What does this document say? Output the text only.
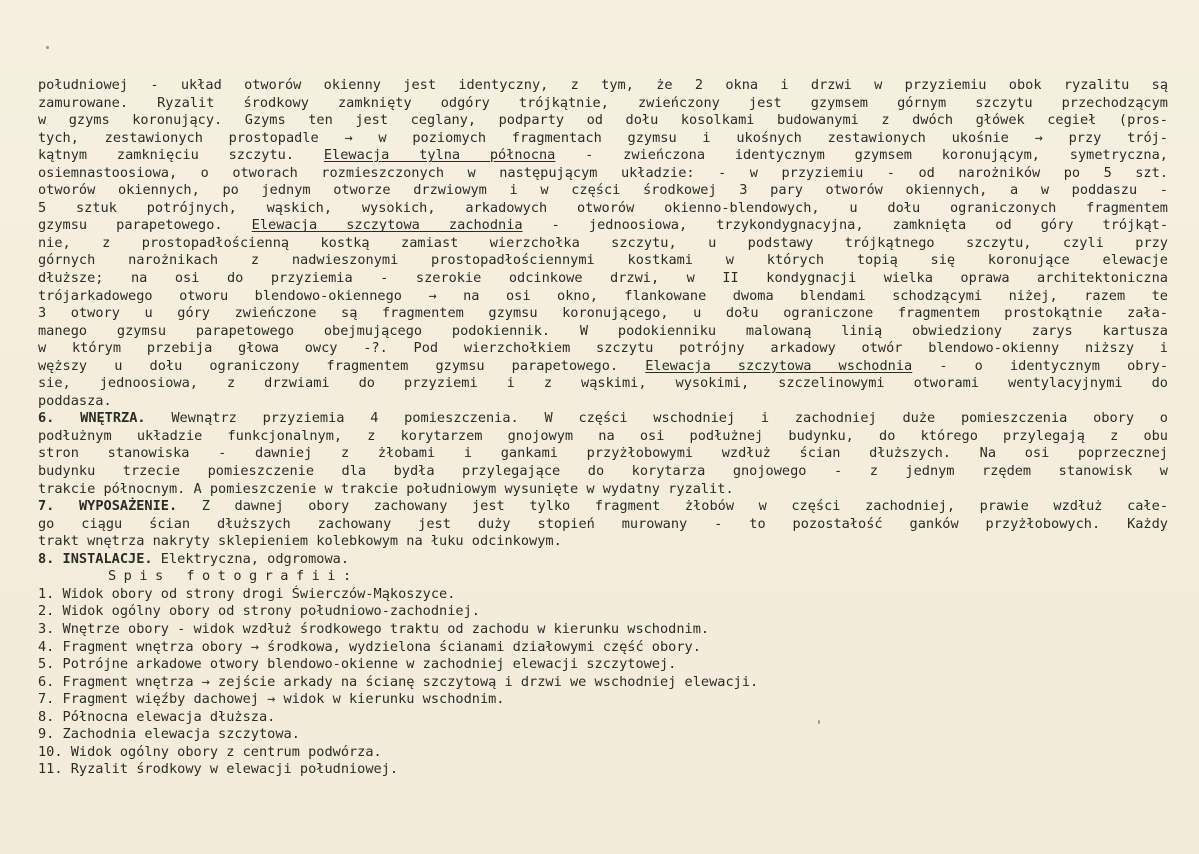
południowej - układ otworów okienny jest identyczny, z tym, że 2 okna i drzwi w przyziemiu obok ryzalitu są
zamurowane. Ryzalit środkowy zamknięty odgóry trójkątnie, zwieńczony jest gzymsem górnym szczytu przechodzącym
w gzyms koronujący. Gzyms ten jest ceglany, podparty od dołu kosolkami budowanymi z dwóch główek cegieł (pros-
tych, zestawionych prostopadle → w poziomych fragmentach gzymsu i ukośnych zestawionych ukośnie → przy trój-
kątnym zamknięciu szczytu. Elewacja tylna północna - zwieńczona identycznym gzymsem koronującym, symetryczna,
osiemnastoosiowa, o otworach rozmieszczonych w następującym układzie: - w przyziemiu - od narożników po 5 szt.
otworów okiennych, po jednym otworze drzwiowym i w części środkowej 3 pary otworów okiennych, a w poddaszu -
5 sztuk potrójnych, wąskich, wysokich, arkadowych otworów okienno-blendowych, u dołu ograniczonych fragmentem
gzymsu parapetowego. Elewacja szczytowa zachodnia - jednoosiowa, trzykondygnacyjna, zamknięta od góry trójkąt-
nie, z prostopadłościenną kostką zamiast wierzchołka szczytu, u podstawy trójkątnego szczytu, czyli przy
górnych narożnikach z nadwieszonymi prostopadłościennymi kostkami w których topią się koronujące elewacje
dłuższe; na osi do przyziemia - szerokie odcinkowe drzwi, w II kondygnacji wielka oprawa architektoniczna
trójarkadowego otworu blendowo-okiennego → na osi okno, flankowane dwoma blendami schodzącymi niżej, razem te
3 otwory u góry zwieńczone są fragmentem gzymsu koronującego, u dołu ograniczone fragmentem prostokątnie zała-
manego gzymsu parapetowego obejmującego podokiennik. W podokienniku malowaną linią obwiedziony zarys kartusza
w którym przebija głowa owcy -?. Pod wierzchołkiem szczytu potrójny arkadowy otwór blendowo-okienny niższy i
węższy u dołu ograniczony fragmentem gzymsu parapetowego. Elewacja szczytowa wschodnia - o identycznym obry-
sie, jednoosiowa, z drzwiami do przyziemi i z wąskimi, wysokimi, szczelinowymi otworami wentylacyjnymi do
poddasza.
6. WNĘTRZA. Wewnątrz przyziemia 4 pomieszczenia. W części wschodniej i zachodniej duże pomieszczenia obory o
podłużnym układzie funkcjonalnym, z korytarzem gnojowym na osi podłużnej budynku, do którego przylegają z obu
stron stanowiska - dawniej z żłobami i gankami przyżłobowymi wzdłuż ścian dłuższych. Na osi poprzecznej
budynku trzecie pomieszczenie dla bydła przylegające do korytarza gnojowego - z jednym rzędem stanowisk w
trakcie północnym. A pomieszczenie w trakcie południowym wysunięte w wydatny ryzalit.
7. WYPOSAŻENIE. Z dawnej obory zachowany jest tylko fragment żłobów w części zachodniej, prawie wzdłuż całe-
go ciągu ścian dłuższych zachowany jest duży stopień murowany - to pozostałość ganków przyżłobowych. Każdy
trakt wnętrza nakryty sklepieniem kolebkowym na łuku odcinkowym.
8. INSTALACJE. Elektryczna, odgromowa.
Spis fotografii:
1. Widok obory od strony drogi Świerczów-Mąkoszyce.
2. Widok ogólny obory od strony południowo-zachodniej.
3. Wnętrze obory - widok wzdłuż środkowego traktu od zachodu w kierunku wschodnim.
4. Fragment wnętrza obory → środkowa, wydzielona ścianami działowymi część obory.
5. Potrójne arkadowe otwory blendowo-okienne w zachodniej elewacji szczytowej.
6. Fragment wnętrza → zejście arkady na ścianę szczytową i drzwi we wschodniej elewacji.
7. Fragment więźby dachowej → widok w kierunku wschodnim.
8. Północna elewacja dłuższa.
9. Zachodnia elewacja szczytowa.
10. Widok ogólny obory z centrum podwórza.
11. Ryzalit środkowy w elewacji południowej.
